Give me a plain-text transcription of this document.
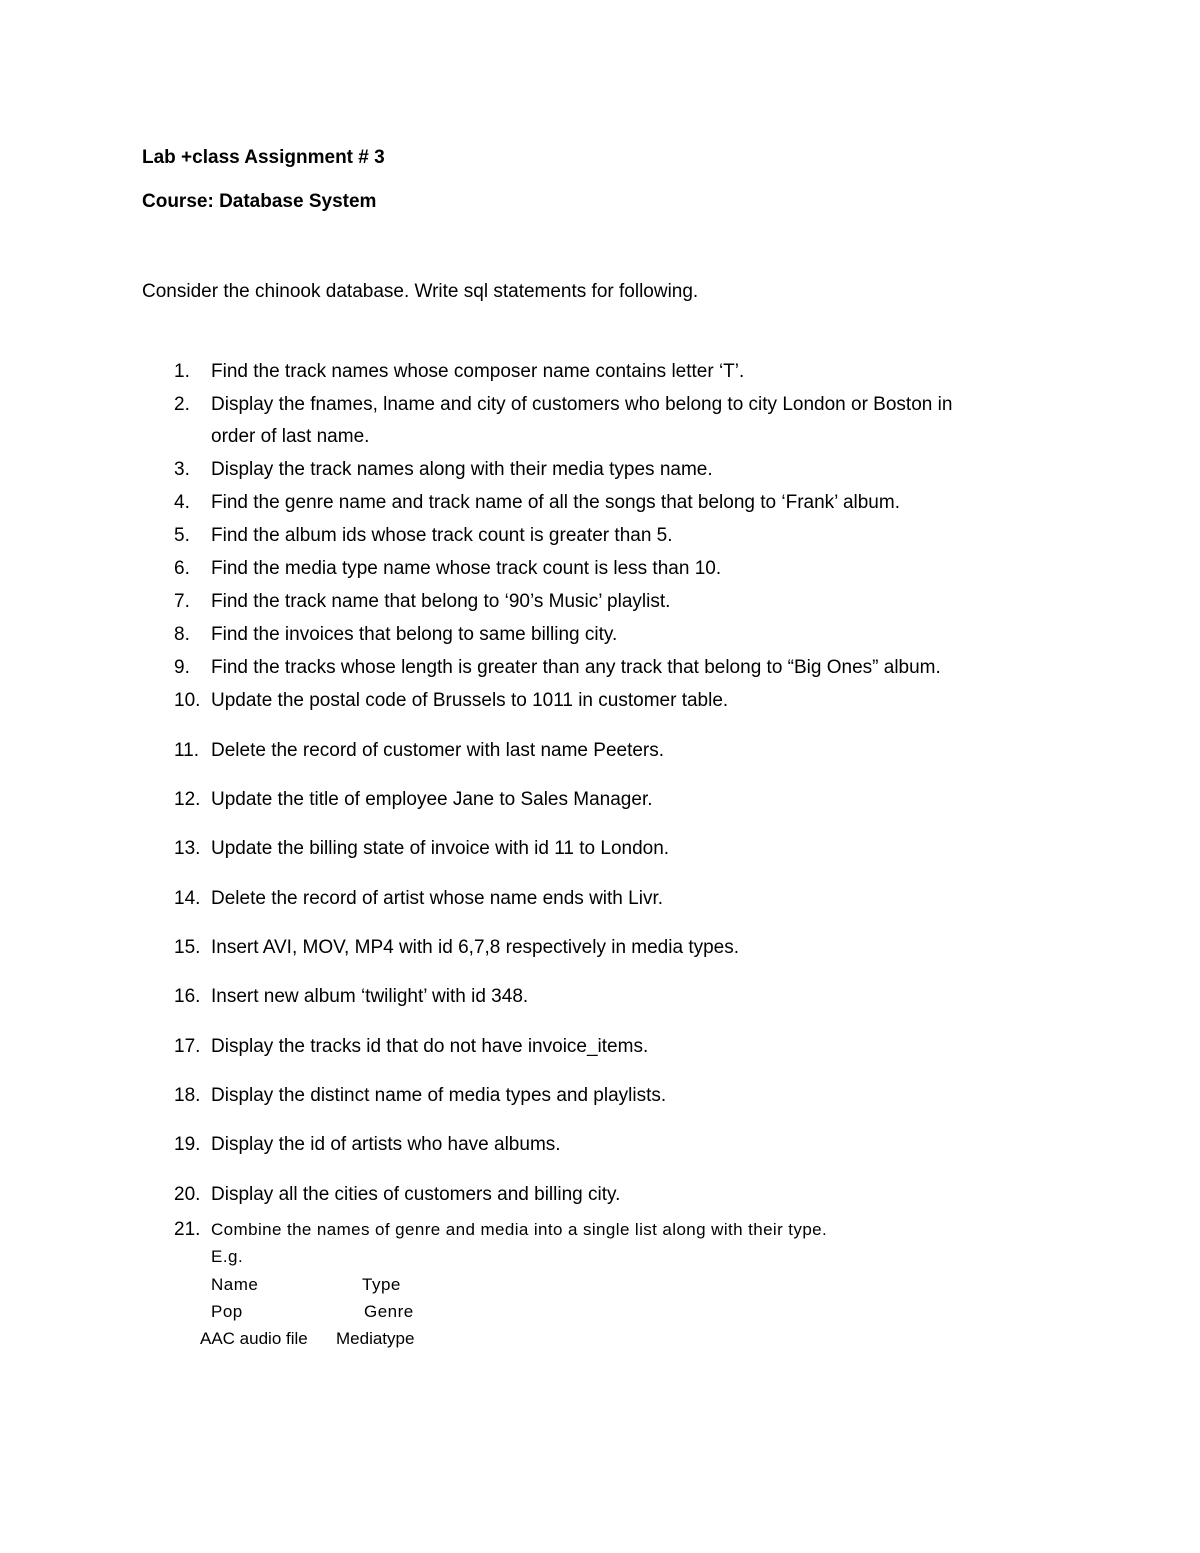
Lab +class Assignment # 3
Course: Database System
Consider the chinook database. Write sql statements for following.
1. Find the track names whose composer name contains letter ‘T’.
2. Display the fnames, lname and city of customers who belong to city London or Boston in
order of last name.
3. Display the track names along with their media types name.
4. Find the genre name and track name of all the songs that belong to ‘Frank’ album.
5. Find the album ids whose track count is greater than 5.
6. Find the media type name whose track count is less than 10.
7. Find the track name that belong to ‘90’s Music’ playlist.
8. Find the invoices that belong to same billing city.
9. Find the tracks whose length is greater than any track that belong to “Big Ones” album.
10. Update the postal code of Brussels to 1011 in customer table.
11. Delete the record of customer with last name Peeters.
12. Update the title of employee Jane to Sales Manager.
13. Update the billing state of invoice with id 11 to London.
14. Delete the record of artist whose name ends with Livr.
15. Insert AVI, MOV, MP4 with id 6,7,8 respectively in media types.
16. Insert new album ‘twilight’ with id 348.
17. Display the tracks id that do not have invoice_items.
18. Display the distinct name of media types and playlists.
19. Display the id of artists who have albums.
20. Display all the cities of customers and billing city.
21. Combine the names of genre and media into a single list along with their type.
E.g.
Name	Type
Pop	Genre
AAC audio file Mediatype
